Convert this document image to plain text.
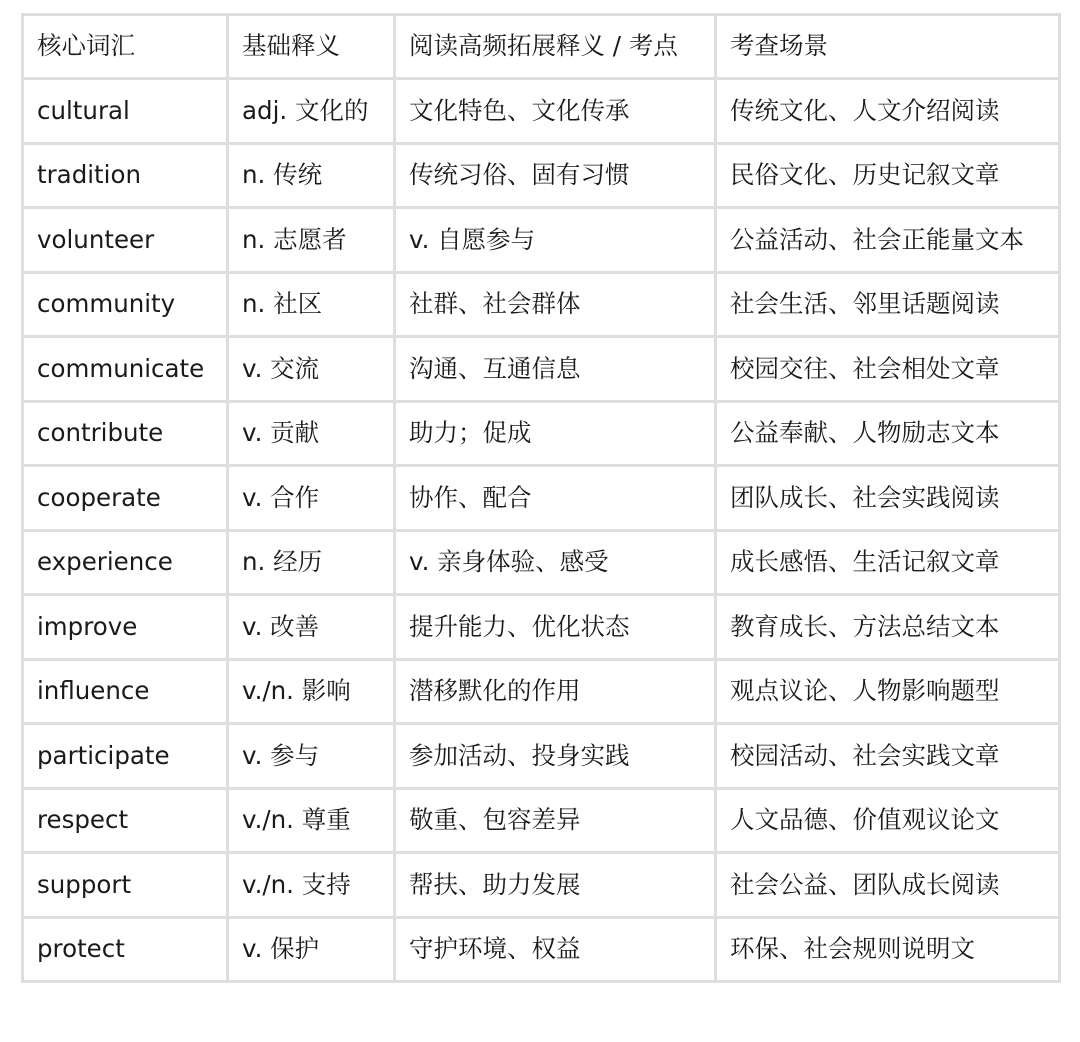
核心词汇	基础释义	阅读高频拓展释义 / 考点	考查场景
cultural	adj. 文化的	文化特色、文化传承	传统文化、人文介绍阅读
tradition	n. 传统	传统习俗、固有习惯	民俗文化、历史记叙文章
volunteer	n. 志愿者	v. 自愿参与	公益活动、社会正能量文本
community	n. 社区	社群、社会群体	社会生活、邻里话题阅读
communicate	v. 交流	沟通、互通信息	校园交往、社会相处文章
contribute	v. 贡献	助力；促成	公益奉献、人物励志文本
cooperate	v. 合作	协作、配合	团队成长、社会实践阅读
experience	n. 经历	v. 亲身体验、感受	成长感悟、生活记叙文章
improve	v. 改善	提升能力、优化状态	教育成长、方法总结文本
influence	v./n. 影响	潜移默化的作用	观点议论、人物影响题型
participate	v. 参与	参加活动、投身实践	校园活动、社会实践文章
respect	v./n. 尊重	敬重、包容差异	人文品德、价值观议论文
support	v./n. 支持	帮扶、助力发展	社会公益、团队成长阅读
protect	v. 保护	守护环境、权益	环保、社会规则说明文
